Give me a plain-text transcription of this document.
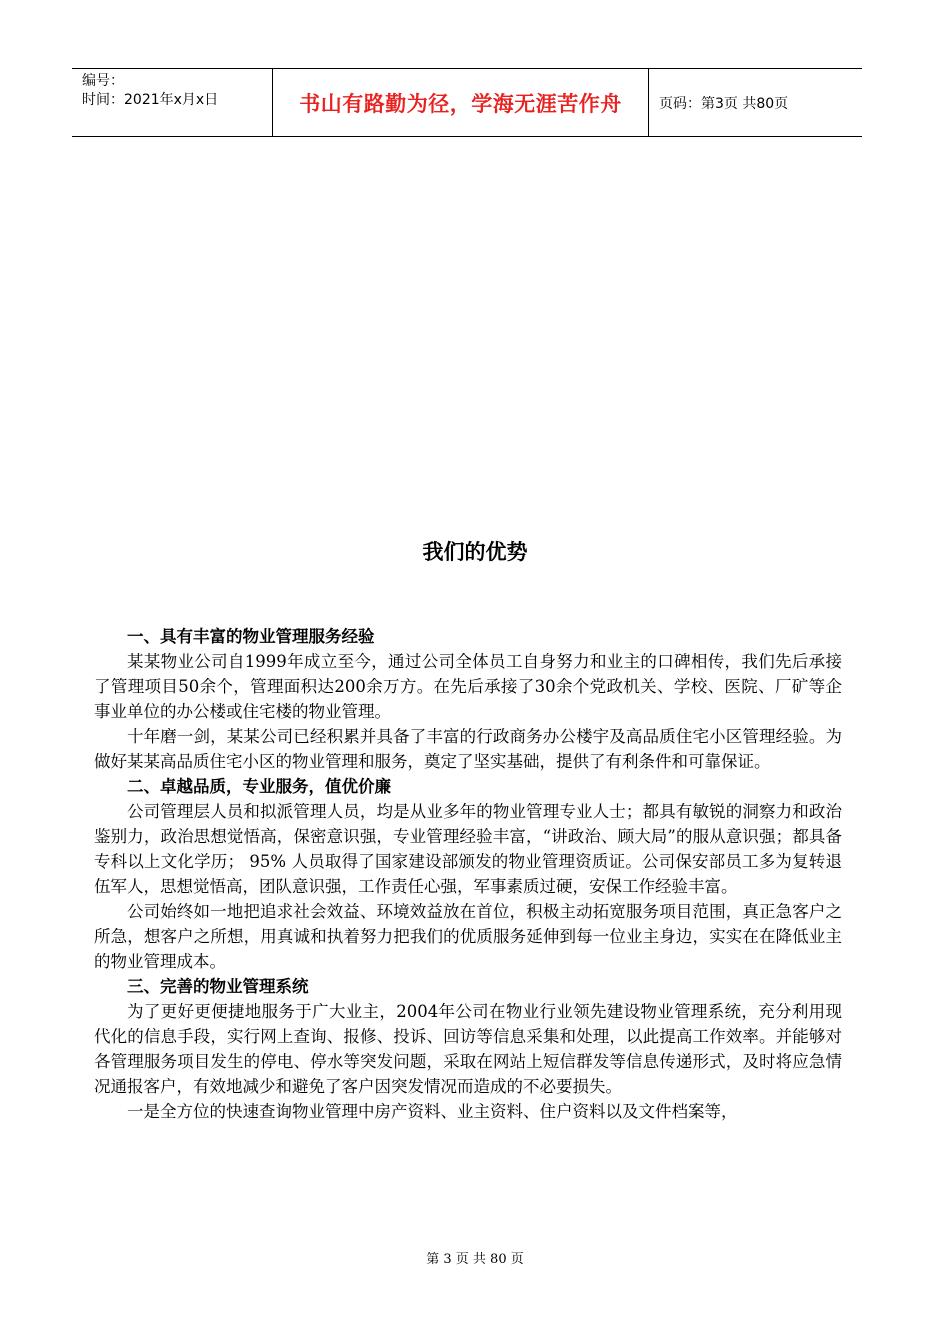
编号：
时间：2021年x月x日	书山有路勤为径，学海无涯苦作舟	页码：第3页 共80页
我们的优势
一、具有丰富的物业管理服务经验

某某物业公司自1999年成立至今，通过公司全体员工自身努力和业主的口碑相传，我们先后承接了管理项目50余个，管理面积达200余万方。在先后承接了30余个党政机关、学校、医院、厂矿等企事业单位的办公楼或住宅楼的物业管理。

十年磨一剑，某某公司已经积累并具备了丰富的行政商务办公楼宇及高品质住宅小区管理经验。为做好某某高品质住宅小区的物业管理和服务，奠定了坚实基础，提供了有利条件和可靠保证。

二、卓越品质，专业服务，值优价廉

公司管理层人员和拟派管理人员，均是从业多年的物业管理专业人士；都具有敏锐的洞察力和政治鉴别力，政治思想觉悟高，保密意识强，专业管理经验丰富，“讲政治、顾大局”的服从意识强；都具备专科以上文化学历； 95% 人员取得了国家建设部颁发的物业管理资质证。公司保安部员工多为复转退伍军人，思想觉悟高，团队意识强，工作责任心强，军事素质过硬，安保工作经验丰富。

公司始终如一地把追求社会效益、环境效益放在首位，积极主动拓宽服务项目范围，真正急客户之所急，想客户之所想，用真诚和执着努力把我们的优质服务延伸到每一位业主身边，实实在在降低业主的物业管理成本。

三、完善的物业管理系统

为了更好更便捷地服务于广大业主，2004年公司在物业行业领先建设物业管理系统，充分利用现代化的信息手段，实行网上查询、报修、投诉、回访等信息采集和处理，以此提高工作效率。并能够对各管理服务项目发生的停电、停水等突发问题，采取在网站上短信群发等信息传递形式，及时将应急情况通报客户，有效地减少和避免了客户因突发情况而造成的不必要损失。

一是全方位的快速查询物业管理中房产资料、业主资料、住户资料以及文件档案等，

第 3 页 共 80 页
